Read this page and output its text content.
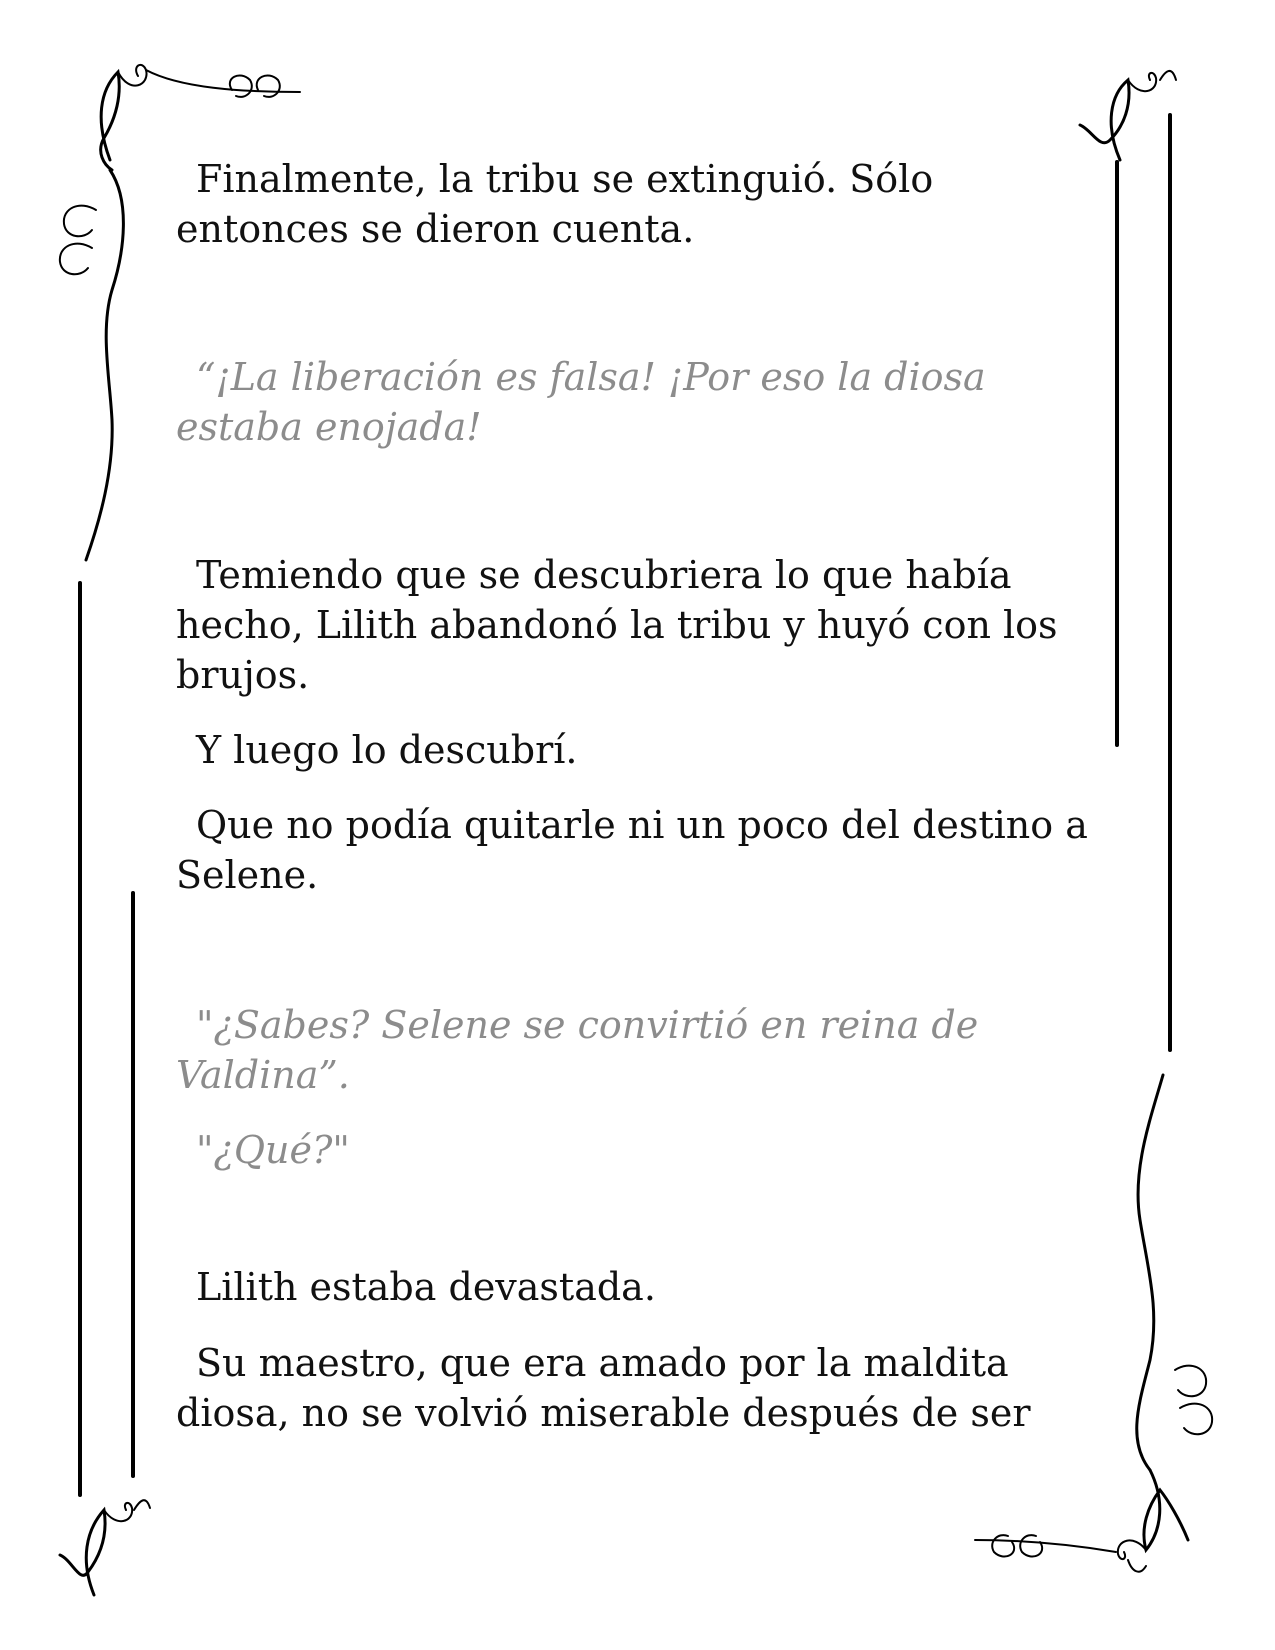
Finalmente, la tribu se extinguió. Sólo entonces se dieron cuenta.

“¡La liberación es falsa! ¡Por eso la diosa estaba enojada!

Temiendo que se descubriera lo que había hecho, Lilith abandonó la tribu y huyó con los brujos.

Y luego lo descubrí.

Que no podía quitarle ni un poco del destino a Selene.

"¿Sabes? Selene se convirtió en reina de Valdina”.

"¿Qué?"

Lilith estaba devastada.

Su maestro, que era amado por la maldita diosa, no se volvió miserable después de ser
